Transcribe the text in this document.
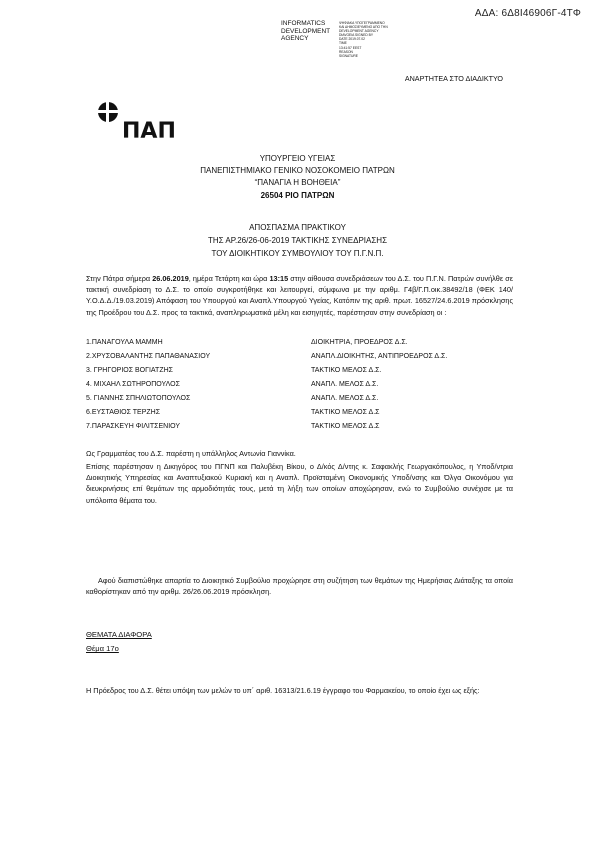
ΑΔΑ: 6Δ8Ι46906Γ-4ΤΦ
INFORMATICS
DEVELOPMENT
AGENCY
ΨΗΦΙΑΚΑ ΥΠΟΓΕΓΡΑΜΜΕΝΟ
ΚΑΙ ΔΗΜΟΣΙΕΥΜΕΝΟ ΑΠΟ ΤΗΝ
DEVELOPMENT AGENCY
DIAVGEIA SIGNED BY
DATE 2019.07.02
TIME
13:41:57 EEST
REASON
SIGNATURE
ΑΝΑΡΤΗΤΕΑ ΣΤΟ ΔΙΑΔΙΚΤΥΟ
ΠΑΠ
ΥΠΟΥΡΓΕΙΟ ΥΓΕΙΑΣ
ΠΑΝΕΠΙΣΤΗΜΙΑΚΟ ΓΕΝΙΚΟ ΝΟΣΟΚΟΜΕΙΟ ΠΑΤΡΩΝ
“ΠΑΝΑΓΙΑ Η ΒΟΗΘΕΙΑ”
26504 ΡΙΟ ΠΑΤΡΩΝ
ΑΠΟΣΠΑΣΜΑ ΠΡΑΚΤΙΚΟΥ
ΤΗΣ ΑΡ.26/26-06-2019 ΤΑΚΤΙΚΗΣ ΣΥΝΕΔΡΙΑΣΗΣ
ΤΟΥ ΔΙΟΙΚΗΤΙΚΟΥ ΣΥΜΒΟΥΛΙΟΥ ΤΟΥ Π.Γ.Ν.Π.
Στην Πάτρα σήμερα 26.06.2019, ημέρα Τετάρτη και ώρα 13:15 στην αίθουσα συνεδριάσεων του Δ.Σ. του Π.Γ.Ν. Πατρών συνήλθε σε τακτική συνεδρίαση το Δ.Σ. το οποίο συγκροτήθηκε και λειτουργεί, σύμφωνα με την αριθμ. Γ4β/Γ.Π.οικ.38492/18 (ΦΕΚ 140/Υ.Ο.Δ.Δ./19.03.2019) Απόφαση του Υπουργού και Αναπλ.Υπουργού Υγείας, Κατόπιν της αριθ. πρωτ. 16527/24.6.2019 πρόσκλησης της Προέδρου του Δ.Σ. προς τα τακτικά, αναπληρωματικά μέλη και εισηγητές, παρέστησαν στην συνεδρίαση οι :
1.ΠΑΝΑΓΟΥΛΑ ΜΑΜΜΗ	ΔΙΟΙΚΗΤΡΙΑ, ΠΡΟΕΔΡΟΣ Δ.Σ.
2.ΧΡΥΣΟΒΑΛΑΝΤΗΣ ΠΑΠΑΘΑΝΑΣΙΟΥ	ΑΝΑΠΛ.ΔΙΟΙΚΗΤΗΣ, ΑΝΤΙΠΡΟΕΔΡΟΣ Δ.Σ.
3. ΓΡΗΓΟΡΙΟΣ ΒΟΓΙΑΤΖΗΣ	ΤΑΚΤΙΚΟ ΜΕΛΟΣ Δ.Σ.
4. ΜΙΧΑΗΛ ΣΩΤΗΡΟΠΟΥΛΟΣ	ΑΝΑΠΛ. ΜΕΛΟΣ Δ.Σ.
5. ΓΙΑΝΝΗΣ ΣΠΗΛΙΩΤΟΠΟΥΛΟΣ	ΑΝΑΠΛ. ΜΕΛΟΣ Δ.Σ.
6.ΕΥΣΤΑΘΙΟΣ ΤΕΡΖΗΣ	ΤΑΚΤΙΚΟ ΜΕΛΟΣ Δ.Σ
7.ΠΑΡΑΣΚΕΥΗ ΦΙΛΙΤΣΕΝΙΟΥ	ΤΑΚΤΙΚΟ ΜΕΛΟΣ Δ.Σ
Ως Γραμματέας του Δ.Σ. παρέστη η υπάλληλος Αντωνία Γιαννίκα.
Επίσης παρέστησαν η Δικηγόρος του ΠΓΝΠ και Παλυβέκη Βίκου, ο Δ/κός Δ/ντης κ. Σαφακλής Γεωργακόπουλος, η Υποδ/ντρια Διοικητικής Υπηρεσίας και Αναπτυξιακού Κυριακή και η Αναπλ. Προϊσταμένη Οικονομικής Υποδ/νσης και Όλγα Οικονόμου για διευκρινήσεις επί θεμάτων της αρμοδιότητάς τους, μετά τη λήξη των οποίων αποχώρησαν, ενώ το Συμβούλιο συνέχισε με τα υπόλοιπα θέματα του.
Αφού διαπιστώθηκε απαρτία το Διοικητικό Συμβούλιο προχώρησε στη συζήτηση των θεμάτων της Ημερήσιας Διάταξης τα οποία καθορίστηκαν από την αριθμ. 26/26.06.2019 πρόσκληση.
ΘΕΜΑΤΑ ΔΙΑΦΟΡΑ
Θέμα 17ο
Η Πρόεδρος του Δ.Σ. θέτει υπόψη των μελών το υπ΄ αριθ. 16313/21.6.19 έγγραφο του Φαρμακείου, το οποίο έχει ως εξής:
